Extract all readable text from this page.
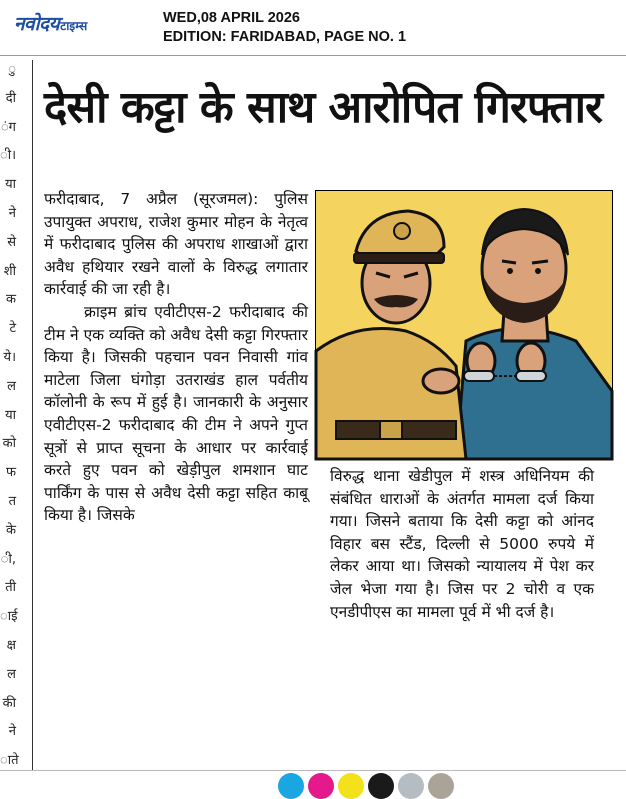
नवोदय टाइम्स	WED,08 APRIL 2026
EDITION: FARIDABAD, PAGE NO. 1
ु
दी
ंग
ी।
या
ने
से
शी
क
टे
ये।
ल
या
को
फ
त
के
ी,
ती
ाई
क्ष
ल
की
ने
ाते
देसी कट्टा के साथ आरोपित गिरफ्तार

फरीदाबाद, 7 अप्रैल (सूरजमल): पुलिस उपायुक्त अपराध, राजेश कुमार मोहन के नेतृत्व में फरीदाबाद पुलिस की अपराध शाखाओं द्वारा अवैध हथियार रखने वालों के विरुद्ध लगातार कार्रवाई की जा रही है।

क्राइम ब्रांच एवीटीएस-2 फरीदाबाद की टीम ने एक व्यक्ति को अवैध देसी कट्टा गिरफ्तार किया है। जिसकी पहचान पवन निवासी गांव माटेला जिला घंगोड़ा उतराखंड हाल पर्वतीय कॉलोनी के रूप में हुई है। जानकारी के अनुसार एवीटीएस-2 फरीदाबाद की टीम ने अपने गुप्त सूत्रों से प्राप्त सूचना के आधार पर कार्रवाई करते हुए पवन को खेड़ीपुल शमशान घाट पार्किंग के पास से अवैध देसी कट्टा सहित काबू किया है। जिसके

विरुद्ध थाना खेडीपुल में शस्त्र अधिनियम की संबंधित धाराओं के अंतर्गत मामला दर्ज किया गया। जिसने बताया कि देसी कट्टा को आंनद विहार बस स्टैंड, दिल्ली से 5000 रुपये में लेकर आया था। जिसको न्यायालय में पेश कर जेल भेजा गया है। जिस पर 2 चोरी व एक एनडीपीएस का मामला पूर्व में भी दर्ज है।
